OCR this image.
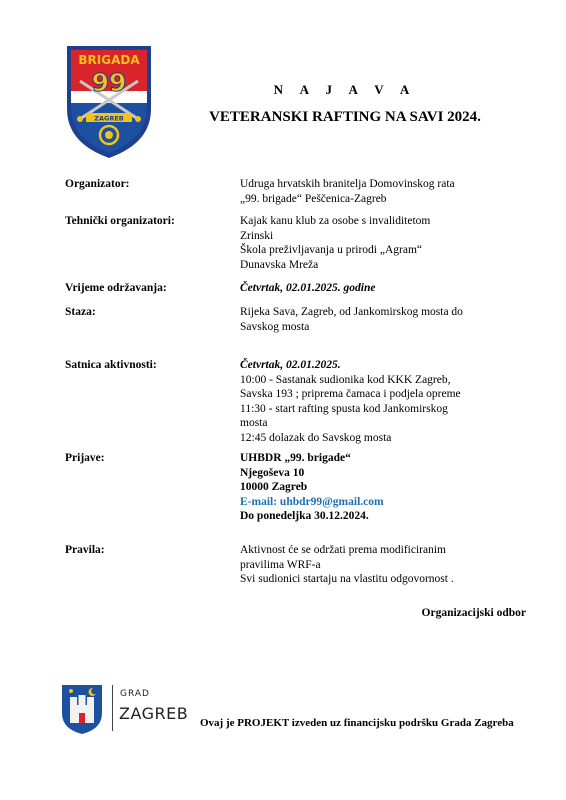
BRIGADA
99
ZAGREB
N A J A V A
VETERANSKI RAFTING NA SAVI 2024.
Organizator:	Udruga hrvatskih branitelja Domovinskog rata
„99. brigade“ Peščenica-Zagreb
Tehnički organizatori:	Kajak kanu klub za osobe s invaliditetom
Zrinski
Škola preživljavanja u prirodi „Agram“
Dunavska Mreža
Vrijeme održavanja:	Četvrtak, 02.01.2025. godine
Staza:	Rijeka Sava, Zagreb, od Jankomirskog mosta do
Savskog mosta
Satnica aktivnosti:	Četvrtak, 02.01.2025.
10:00 - Sastanak sudionika kod KKK Zagreb,
Savska 193 ; priprema čamaca i podjela opreme
11:30 - start rafting spusta kod Jankomirskog
mosta
12:45 dolazak do Savskog mosta
Prijave:	UHBDR „99. brigade“
Njegoševa 10
10000 Zagreb
E-mail: uhbdr99@gmail.com
Do ponedeljka 30.12.2024.
Pravila:	Aktivnost će se održati prema modificiranim
pravilima WRF-a
Svi sudionici startaju na vlastitu odgovornost .
Organizacijski odbor
GRAD
ZAGREB Ovaj je PROJEKT izveden uz financijsku podršku Grada Zagreba
